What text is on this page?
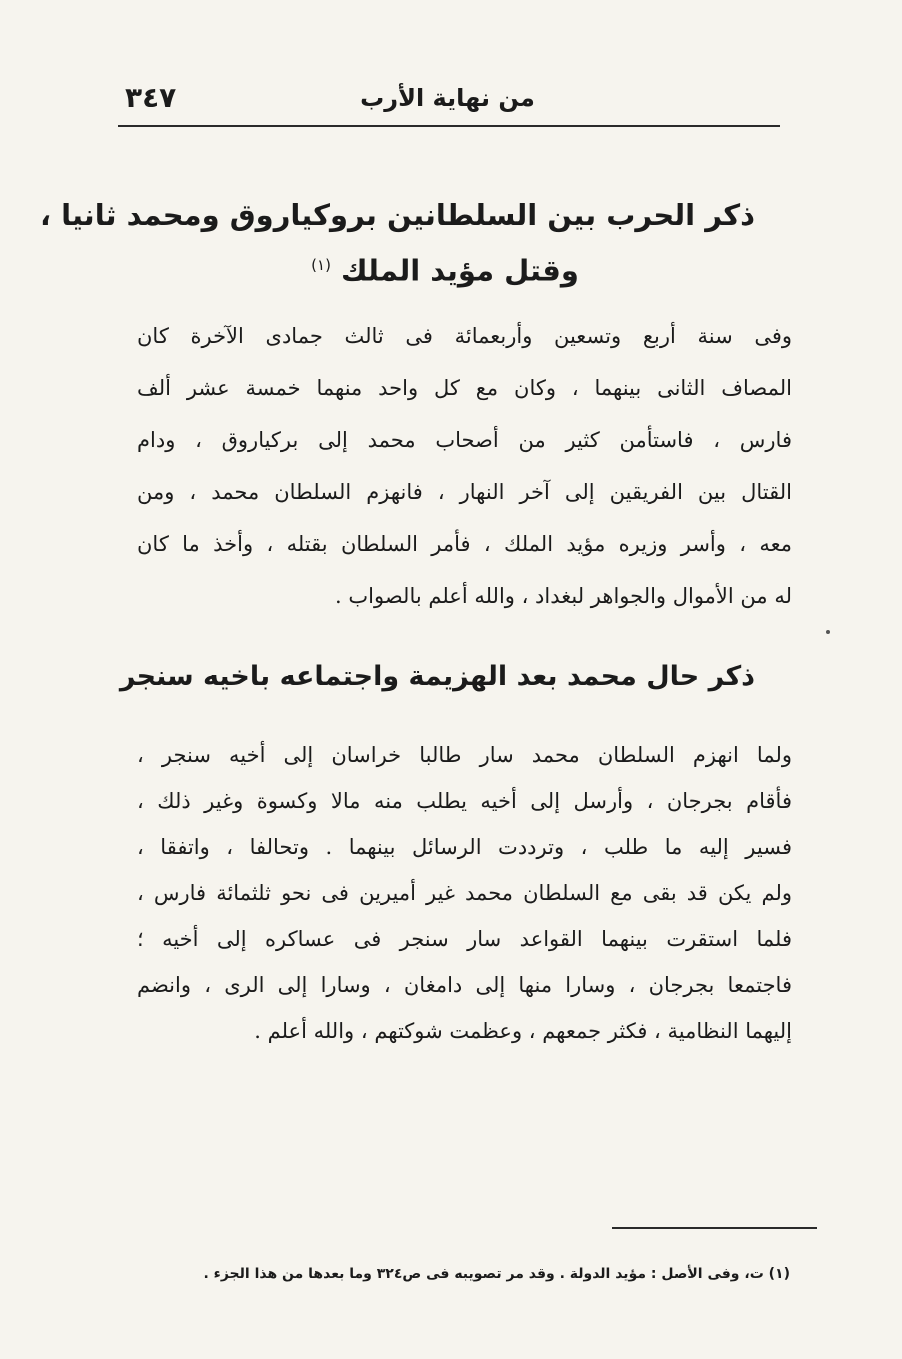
من نهاية الأرب
٣٤٧
ذكر الحرب بين السلطانين بروكياروق ومحمد ثانيا ،
وقتل مؤيد الملك $^{(١)}$
وفى سنة أربع وتسعين وأربعمائة فى ثالث جمادى الآخرة كان
المصاف الثانى بينهما ، وكان مع كل واحد منهما خمسة عشر ألف
فارس ، فاستأمن كثير من أصحاب محمد إلى بركياروق ، ودام
القتال بين الفريقين إلى آخر النهار ، فانهزم السلطان محمد ، ومن
معه ، وأسر وزيره مؤيد الملك ، فأمر السلطان بقتله ، وأخذ ما كان
له من الأموال والجواهر لبغداد ، والله أعلم بالصواب .
ذكر حال محمد بعد الهزيمة واجتماعه باخيه سنجر
ولما انهزم السلطان محمد سار طالبا خراسان إلى أخيه سنجر ،
فأقام بجرجان ، وأرسل إلى أخيه يطلب منه مالا وكسوة وغير ذلك ،
فسير إليه ما طلب ، وترددت الرسائل بينهما . وتحالفا ، واتفقا ،
ولم يكن قد بقى مع السلطان محمد غير أميرين فى نحو ثلثمائة فارس ،
فلما استقرت بينهما القواعد سار سنجر فى عساكره إلى أخيه ؛
فاجتمعا بجرجان ، وسارا منها إلى دامغان ، وسارا إلى الرى ، وانضم
إليهما النظامية ، فكثر جمعهم ، وعظمت شوكتهم ، والله أعلم .
(١) ت، وفى الأصل : مؤيد الدولة . وقد مر تصويبه فى ص٣٢٤ وما بعدها من هذا الجزء .
